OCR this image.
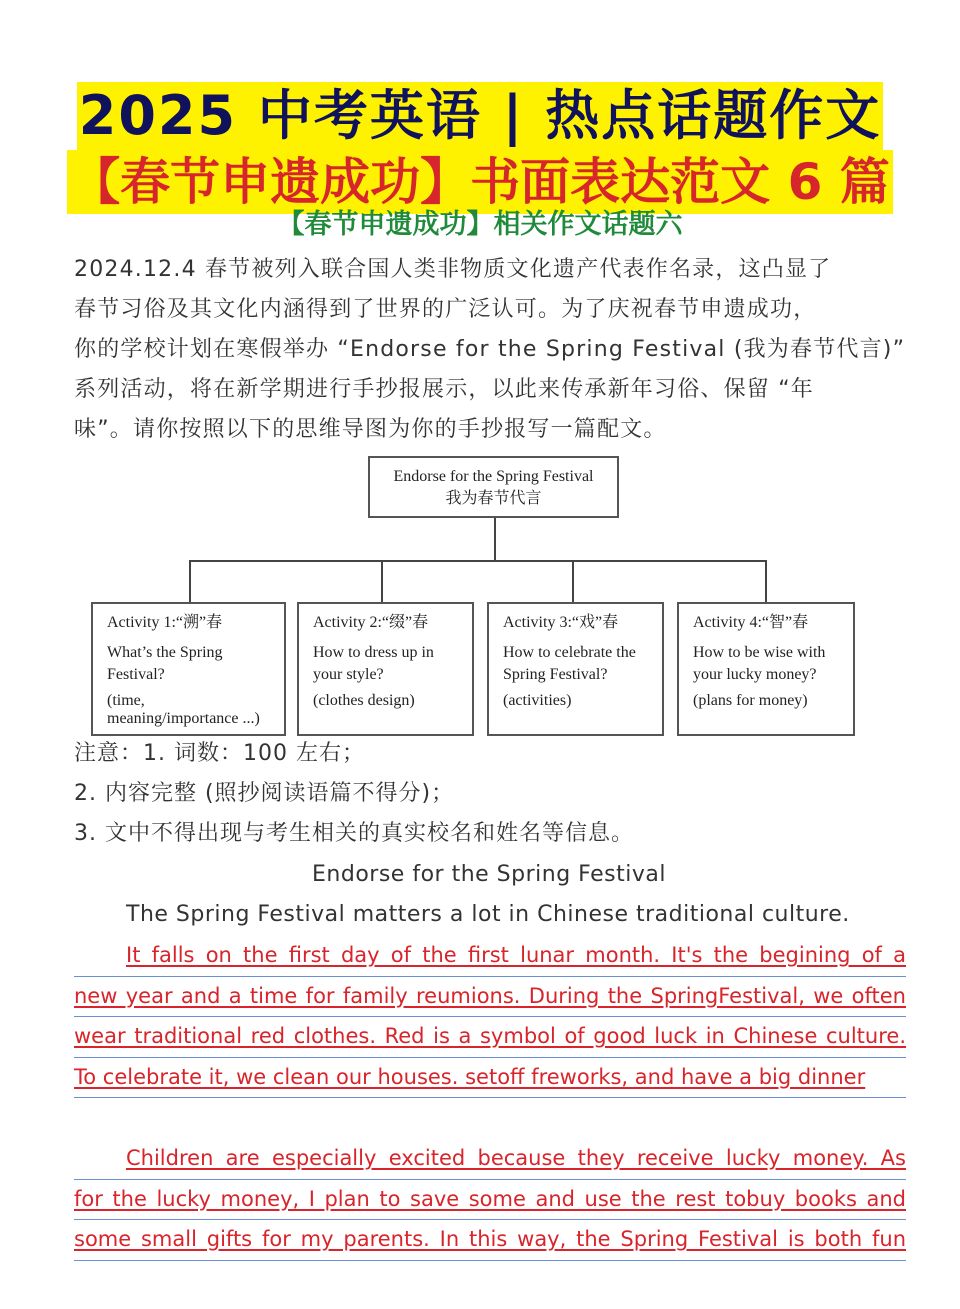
2025 中考英语 | 热点话题作文
【春节申遗成功】书面表达范文 6 篇
【春节申遗成功】相关作文话题六

2024.12.4 春节被列入联合国人类非物质文化遗产代表作名录，这凸显了

春节习俗及其文化内涵得到了世界的广泛认可。为了庆祝春节申遗成功，

你的学校计划在寒假举办 “Endorse for the Spring Festival (我为春节代言)”

系列活动，将在新学期进行手抄报展示，以此来传承新年习俗、保留 “年

味”。请你按照以下的思维导图为你的手抄报写一篇配文。

Endorse for the Spring Festival
我为春节代言
Activity 1:“溯”春
What’s the Spring
Festival?
(time,
meaning/importance ...)
Activity 2:“缀”春
How to dress up in
your style?
(clothes design)
Activity 3:“戏”春
How to celebrate the
Spring Festival?
(activities)
Activity 4:“智”春
How to be wise with
your lucky money?
(plans for money)

注意：1. 词数：100 左右；

2. 内容完整 (照抄阅读语篇不得分)；

3. 文中不得出现与考生相关的真实校名和姓名等信息。

Endorse for the Spring Festival
The Spring Festival matters a lot in Chinese traditional culture.
It falls on the first day of the first lunar month. It's the begining of a
new year and a time for family reumions. During the SpringFestival, we often
wear traditional red clothes. Red is a symbol of good luck in Chinese culture.
To celebrate it, we clean our houses. setoff freworks, and have a big dinner
Children are especially excited because they receive lucky money. As
for the lucky money, I plan to save some and use the rest tobuy books and
some small gifts for my parents. In this way, the Spring Festival is both fun
